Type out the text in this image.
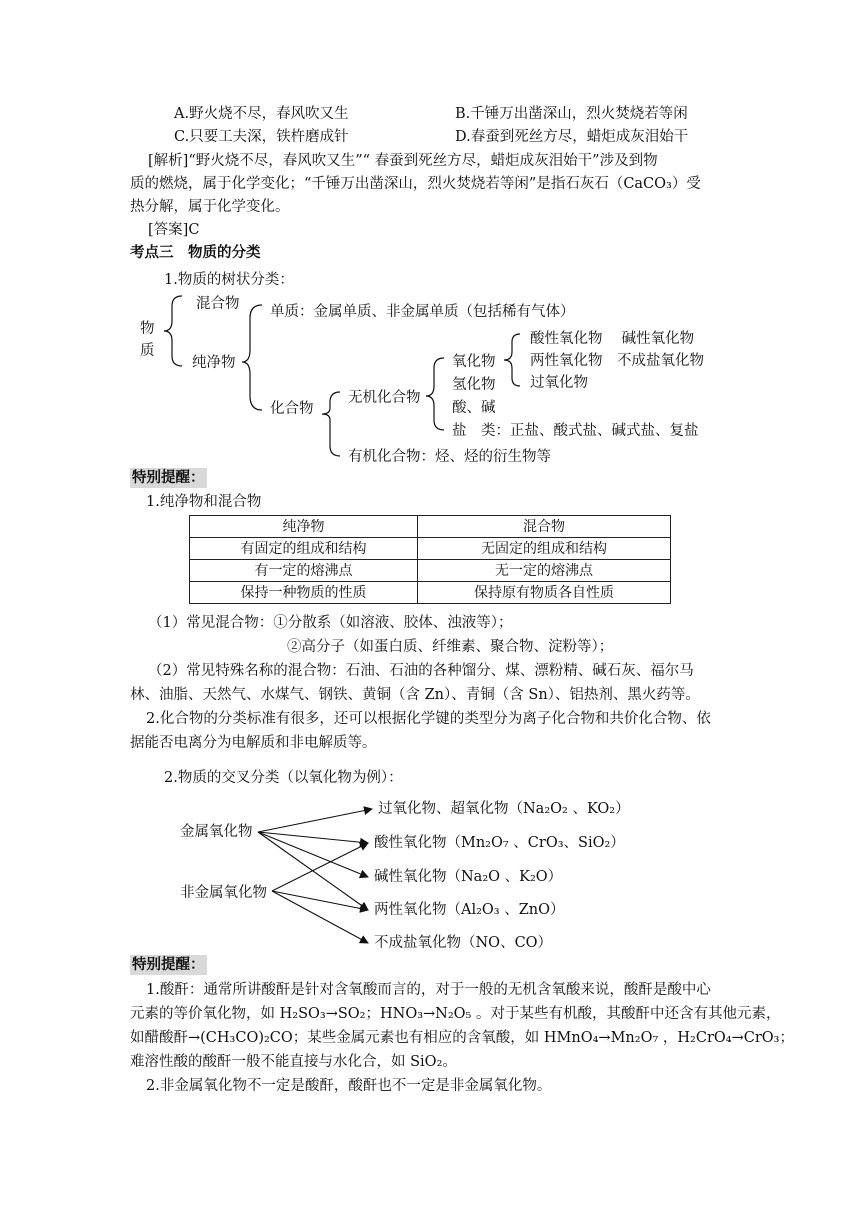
A.野火烧不尽，春风吹又生	B.千锤万出凿深山，烈火焚烧若等闲
C.只要工夫深，铁杵磨成针	D.春蚕到死丝方尽，蜡炬成灰泪始干
[解析]“野火烧不尽，春风吹又生”“ 春蚕到死丝方尽，蜡炬成灰泪始干”涉及到物
质的燃烧，属于化学变化；“千锤万出凿深山，烈火焚烧若等闲”是指石灰石（CaCO₃）受
热分解，属于化学变化。
[答案]C
考点三　物质的分类
1.物质的树状分类：
物
质
混合物
纯净物
单质：金属单质、非金属单质（包括稀有气体）
化合物
无机化合物
氧化物
氢化物
酸、碱
盐　类：正盐、酸式盐、碱式盐、复盐
酸性氧化物　 碱性氧化物
两性氧化物　不成盐氧化物
过氧化物
有机化合物：烃、烃的衍生物等
特别提醒：
1.纯净物和混合物
纯净物	混合物
有固定的组成和结构	无固定的组成和结构
有一定的熔沸点	无一定的熔沸点
保持一种物质的性质	保持原有物质各自性质
（1）常见混合物：①分散系（如溶液、胶体、浊液等）；
②高分子（如蛋白质、纤维素、聚合物、淀粉等）；
（2）常见特殊名称的混合物：石油、石油的各种馏分、煤、漂粉精、碱石灰、福尔马
林、油脂、天然气、水煤气、钢铁、黄铜（含 Zn）、青铜（含 Sn）、铝热剂、黑火药等。
2.化合物的分类标准有很多，还可以根据化学键的类型分为离子化合物和共价化合物、依
据能否电离分为电解质和非电解质等。
2.物质的交叉分类（以氧化物为例）：
金属氧化物
非金属氧化物
过氧化物、超氧化物（Na₂O₂ 、KO₂）
酸性氧化物（Mn₂O₇ 、CrO₃、SiO₂）
碱性氧化物（Na₂O 、K₂O）
两性氧化物（Al₂O₃ 、ZnO）
不成盐氧化物（NO、CO）
特别提醒：
1.酸酐：通常所讲酸酐是针对含氧酸而言的，对于一般的无机含氧酸来说，酸酐是酸中心
元素的等价氧化物，如 H₂SO₃→SO₂；HNO₃→N₂O₅ 。对于某些有机酸，其酸酐中还含有其他元素，
如醋酸酐→(CH₃CO)₂CO；某些金属元素也有相应的含氧酸，如 HMnO₄→Mn₂O₇ ，H₂CrO₄→CrO₃；
难溶性酸的酸酐一般不能直接与水化合，如 SiO₂。
2.非金属氧化物不一定是酸酐，酸酐也不一定是非金属氧化物。
